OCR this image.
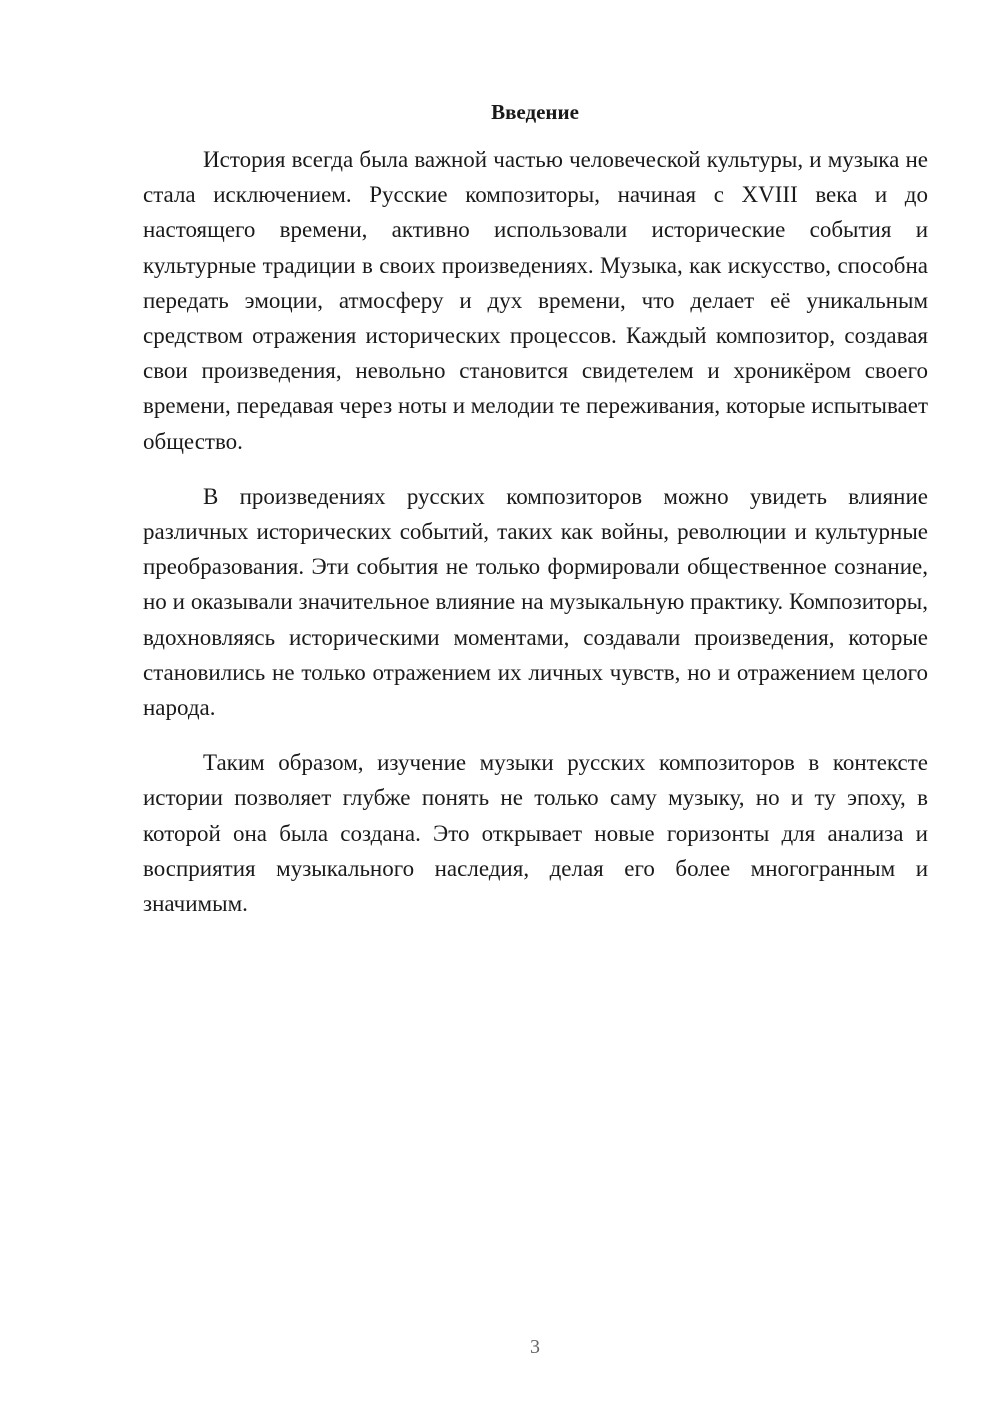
Введение

История всегда была важной частью человеческой культуры, и музыка не стала исключением. Русские композиторы, начиная с XVIII века и до настоящего времени, активно использовали исторические события и культурные традиции в своих произведениях. Музыка, как искусство, способна передать эмоции, атмосферу и дух времени, что делает её уникальным средством отражения исторических процессов. Каждый композитор, создавая свои произведения, невольно становится свидетелем и хроникёром своего времени, передавая через ноты и мелодии те переживания, которые испытывает общество.

В произведениях русских композиторов можно увидеть влияние различных исторических событий, таких как войны, революции и культурные преобразования. Эти события не только формировали общественное сознание, но и оказывали значительное влияние на музыкальную практику. Композиторы, вдохновляясь историческими моментами, создавали произведения, которые становились не только отражением их личных чувств, но и отражением целого народа.

Таким образом, изучение музыки русских композиторов в контексте истории позволяет глубже понять не только саму музыку, но и ту эпоху, в которой она была создана. Это открывает новые горизонты для анализа и восприятия музыкального наследия, делая его более многогранным и значимым.

3
